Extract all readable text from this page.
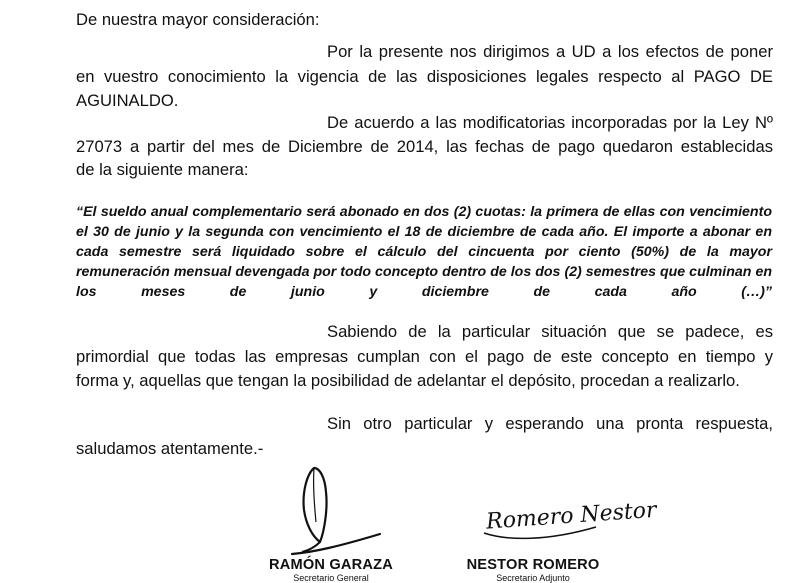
De nuestra mayor consideración:
Por la presente nos dirigimos a UD a los efectos de poner
en vuestro conocimiento la vigencia de las disposiciones legales respecto al PAGO DE
AGUINALDO.
De acuerdo a las modificatorias incorporadas por la Ley Nº
27073 a partir del mes de Diciembre de 2014, las fechas de pago quedaron establecidas
de la siguiente manera:
“El sueldo anual complementario será abonado en dos (2) cuotas: la primera de ellas con vencimiento el 30 de junio y la segunda con vencimiento el 18 de diciembre de cada año. El importe a abonar en cada semestre será liquidado sobre el cálculo del cincuenta por ciento (50%) de la mayor remuneración mensual devengada por todo concepto dentro de los dos (2) semestres que culminan en los meses de junio y diciembre de cada año (…)”
Sabiendo de la particular situación que se padece, es
primordial que todas las empresas cumplan con el pago de este concepto en tiempo y
forma y, aquellas que tengan la posibilidad de adelantar el depósito, procedan a realizarlo.
Sin otro particular y esperando una pronta respuesta,
saludamos atentamente.-
Romero Nestor
RAMÓN GARAZA
Secretario General
NESTOR ROMERO
Secretario Adjunto
